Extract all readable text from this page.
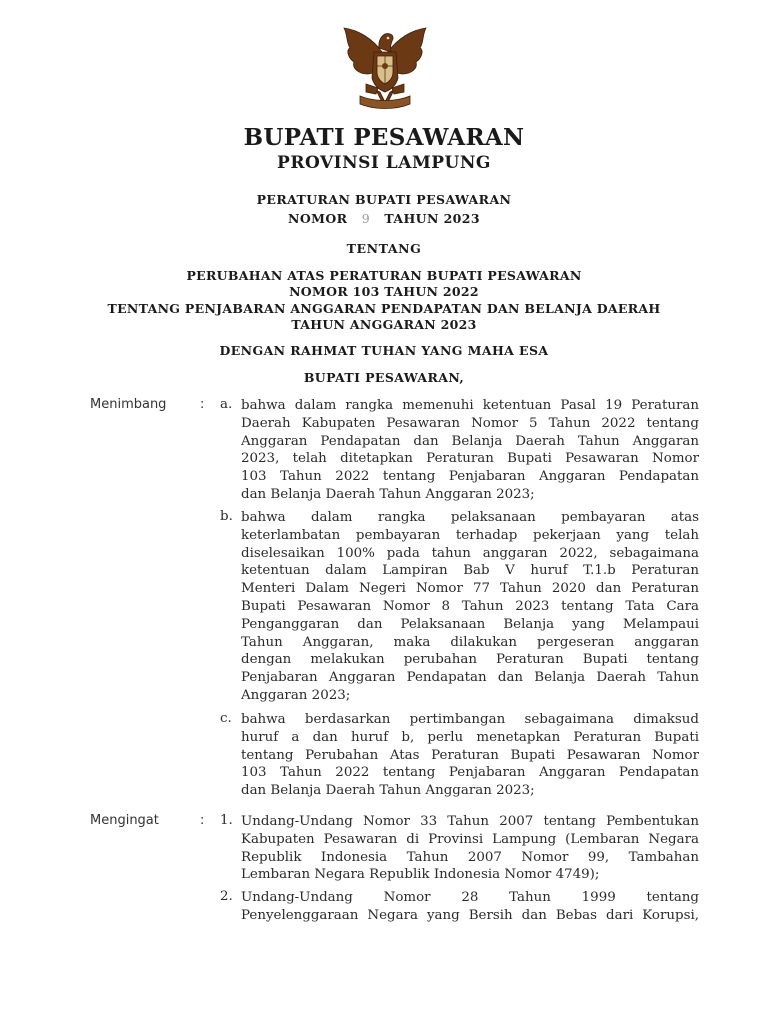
BUPATI PESAWARAN
PROVINSI LAMPUNG
PERATURAN BUPATI PESAWARAN
NOMOR 9 TAHUN 2023
TENTANG
PERUBAHAN ATAS PERATURAN BUPATI PESAWARAN
NOMOR 103 TAHUN 2022
TENTANG PENJABARAN ANGGARAN PENDAPATAN DAN BELANJA DAERAH
TAHUN ANGGARAN 2023
DENGAN RAHMAT TUHAN YANG MAHA ESA
BUPATI PESAWARAN,
Menimbang	: a. bahwa dalam rangka memenuhi ketentuan Pasal 19 Peraturan
Daerah Kabupaten Pesawaran Nomor 5 Tahun 2022 tentang
Anggaran Pendapatan dan Belanja Daerah Tahun Anggaran
2023, telah ditetapkan Peraturan Bupati Pesawaran Nomor
103 Tahun 2022 tentang Penjabaran Anggaran Pendapatan
dan Belanja Daerah Tahun Anggaran 2023;
b. bahwa dalam rangka pelaksanaan pembayaran atas
keterlambatan pembayaran terhadap pekerjaan yang telah
diselesaikan 100% pada tahun anggaran 2022, sebagaimana
ketentuan dalam Lampiran Bab V huruf T.1.b Peraturan
Menteri Dalam Negeri Nomor 77 Tahun 2020 dan Peraturan
Bupati Pesawaran Nomor 8 Tahun 2023 tentang Tata Cara
Penganggaran dan Pelaksanaan Belanja yang Melampaui
Tahun Anggaran, maka dilakukan pergeseran anggaran
dengan melakukan perubahan Peraturan Bupati tentang
Penjabaran Anggaran Pendapatan dan Belanja Daerah Tahun
Anggaran 2023;
c. bahwa berdasarkan pertimbangan sebagaimana dimaksud
huruf a dan huruf b, perlu menetapkan Peraturan Bupati
tentang Perubahan Atas Peraturan Bupati Pesawaran Nomor
103 Tahun 2022 tentang Penjabaran Anggaran Pendapatan
dan Belanja Daerah Tahun Anggaran 2023;
Mengingat	: 1. Undang-Undang Nomor 33 Tahun 2007 tentang Pembentukan
Kabupaten Pesawaran di Provinsi Lampung (Lembaran Negara
Republik Indonesia Tahun 2007 Nomor 99, Tambahan
Lembaran Negara Republik Indonesia Nomor 4749);
2. Undang-Undang Nomor 28 Tahun 1999 tentang
Penyelenggaraan Negara yang Bersih dan Bebas dari Korupsi,
